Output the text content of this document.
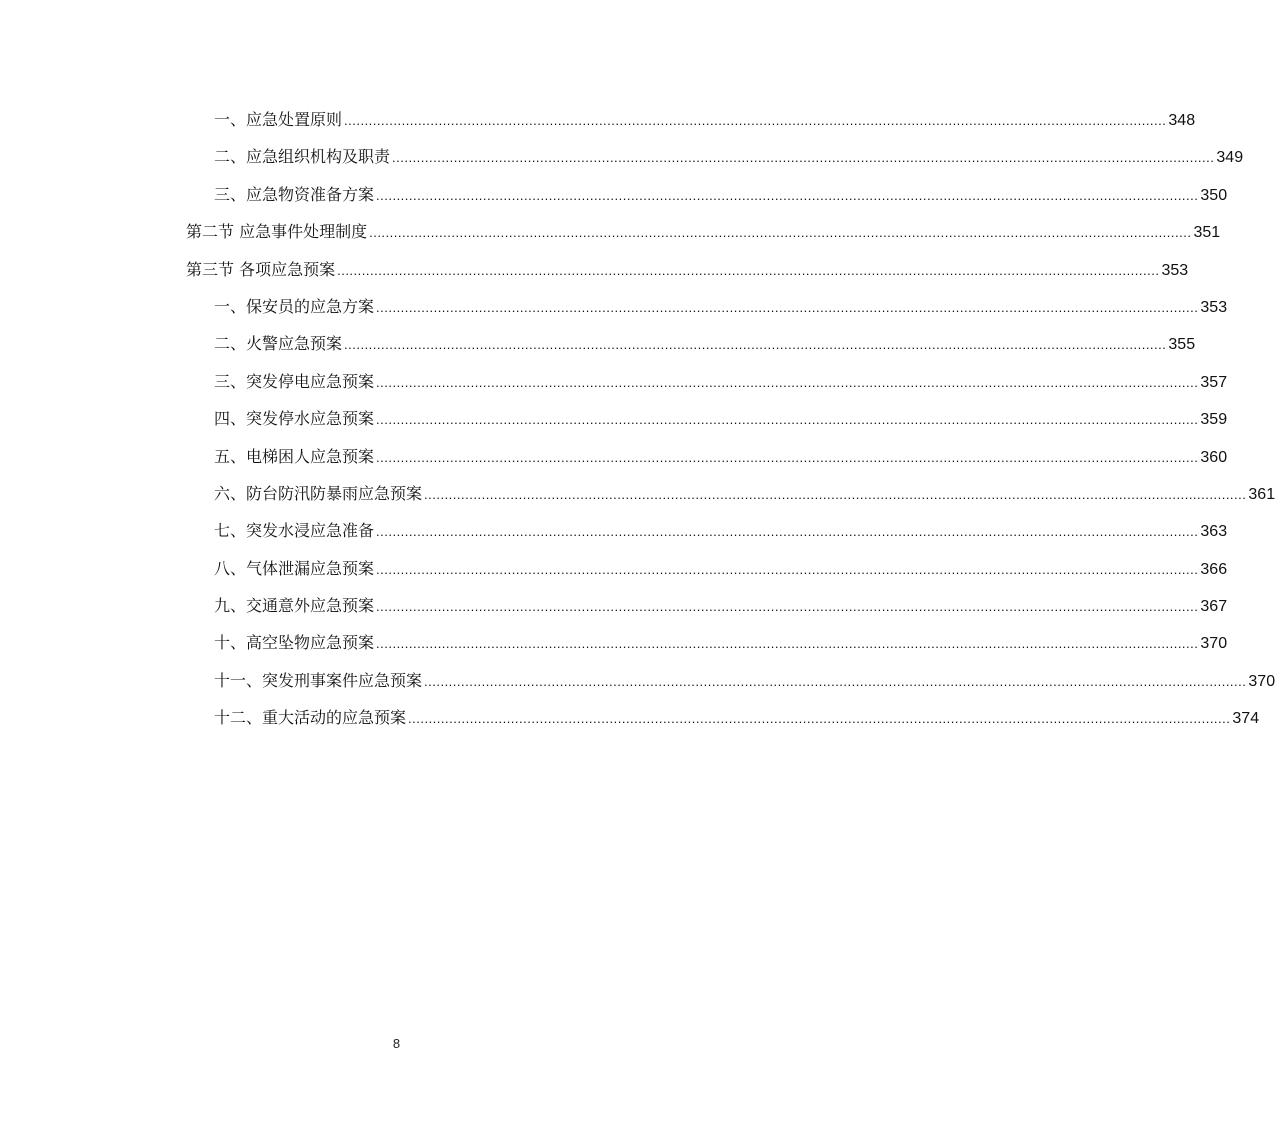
一、应急处置原则 ........................................................................................................................................................................................................ 348
二、应急组织机构及职责 ........................................................................................................................................................................................................ 349
三、应急物资准备方案 ........................................................................................................................................................................................................ 350
第二节 应急事件处理制度 ........................................................................................................................................................................................................ 351
第三节 各项应急预案 ........................................................................................................................................................................................................ 353
一、保安员的应急方案 ........................................................................................................................................................................................................ 353
二、火警应急预案 ........................................................................................................................................................................................................ 355
三、突发停电应急预案 ........................................................................................................................................................................................................ 357
四、突发停水应急预案 ........................................................................................................................................................................................................ 359
五、电梯困人应急预案 ........................................................................................................................................................................................................ 360
六、防台防汛防暴雨应急预案 ........................................................................................................................................................................................................ 361
七、突发水浸应急准备 ........................................................................................................................................................................................................ 363
八、气体泄漏应急预案 ........................................................................................................................................................................................................ 366
九、交通意外应急预案 ........................................................................................................................................................................................................ 367
十、高空坠物应急预案 ........................................................................................................................................................................................................ 370
十一、突发刑事案件应急预案 ........................................................................................................................................................................................................ 370
十二、重大活动的应急预案 ........................................................................................................................................................................................................ 374
8
